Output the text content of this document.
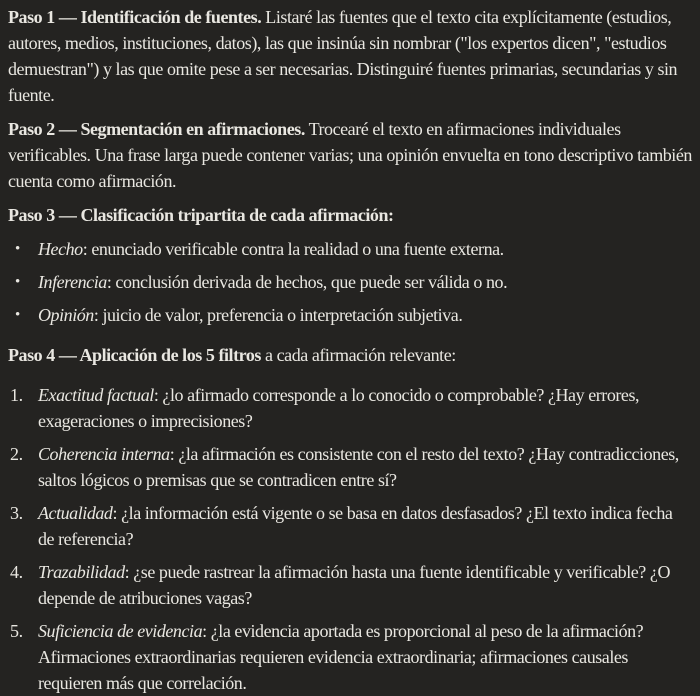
Paso 1 — Identificación de fuentes. Listaré las fuentes que el texto cita explícitamente (estudios, autores, medios, instituciones, datos), las que insinúa sin nombrar ("los expertos dicen", "estudios demuestran") y las que omite pese a ser necesarias. Distinguiré fuentes primarias, secundarias y sin fuente.

Paso 2 — Segmentación en afirmaciones. Trocearé el texto en afirmaciones individuales verificables. Una frase larga puede contener varias; una opinión envuelta en tono descriptivo también cuenta como afirmación.

Paso 3 — Clasificación tripartita de cada afirmación:

• Hecho: enunciado verificable contra la realidad o una fuente externa.
• Inferencia: conclusión derivada de hechos, que puede ser válida o no.
• Opinión: juicio de valor, preferencia o interpretación subjetiva.

Paso 4 — Aplicación de los 5 filtros a cada afirmación relevante:

Exactitud factual: ¿lo afirmado corresponde a lo conocido o comprobable? ¿Hay errores, exageraciones o imprecisiones?
Coherencia interna: ¿la afirmación es consistente con el resto del texto? ¿Hay contradicciones, saltos lógicos o premisas que se contradicen entre sí?
Actualidad: ¿la información está vigente o se basa en datos desfasados? ¿El texto indica fecha de referencia?
Trazabilidad: ¿se puede rastrear la afirmación hasta una fuente identificable y verificable? ¿O depende de atribuciones vagas?
Suficiencia de evidencia: ¿la evidencia aportada es proporcional al peso de la afirmación? Afirmaciones extraordinarias requieren evidencia extraordinaria; afirmaciones causales requieren más que correlación.
